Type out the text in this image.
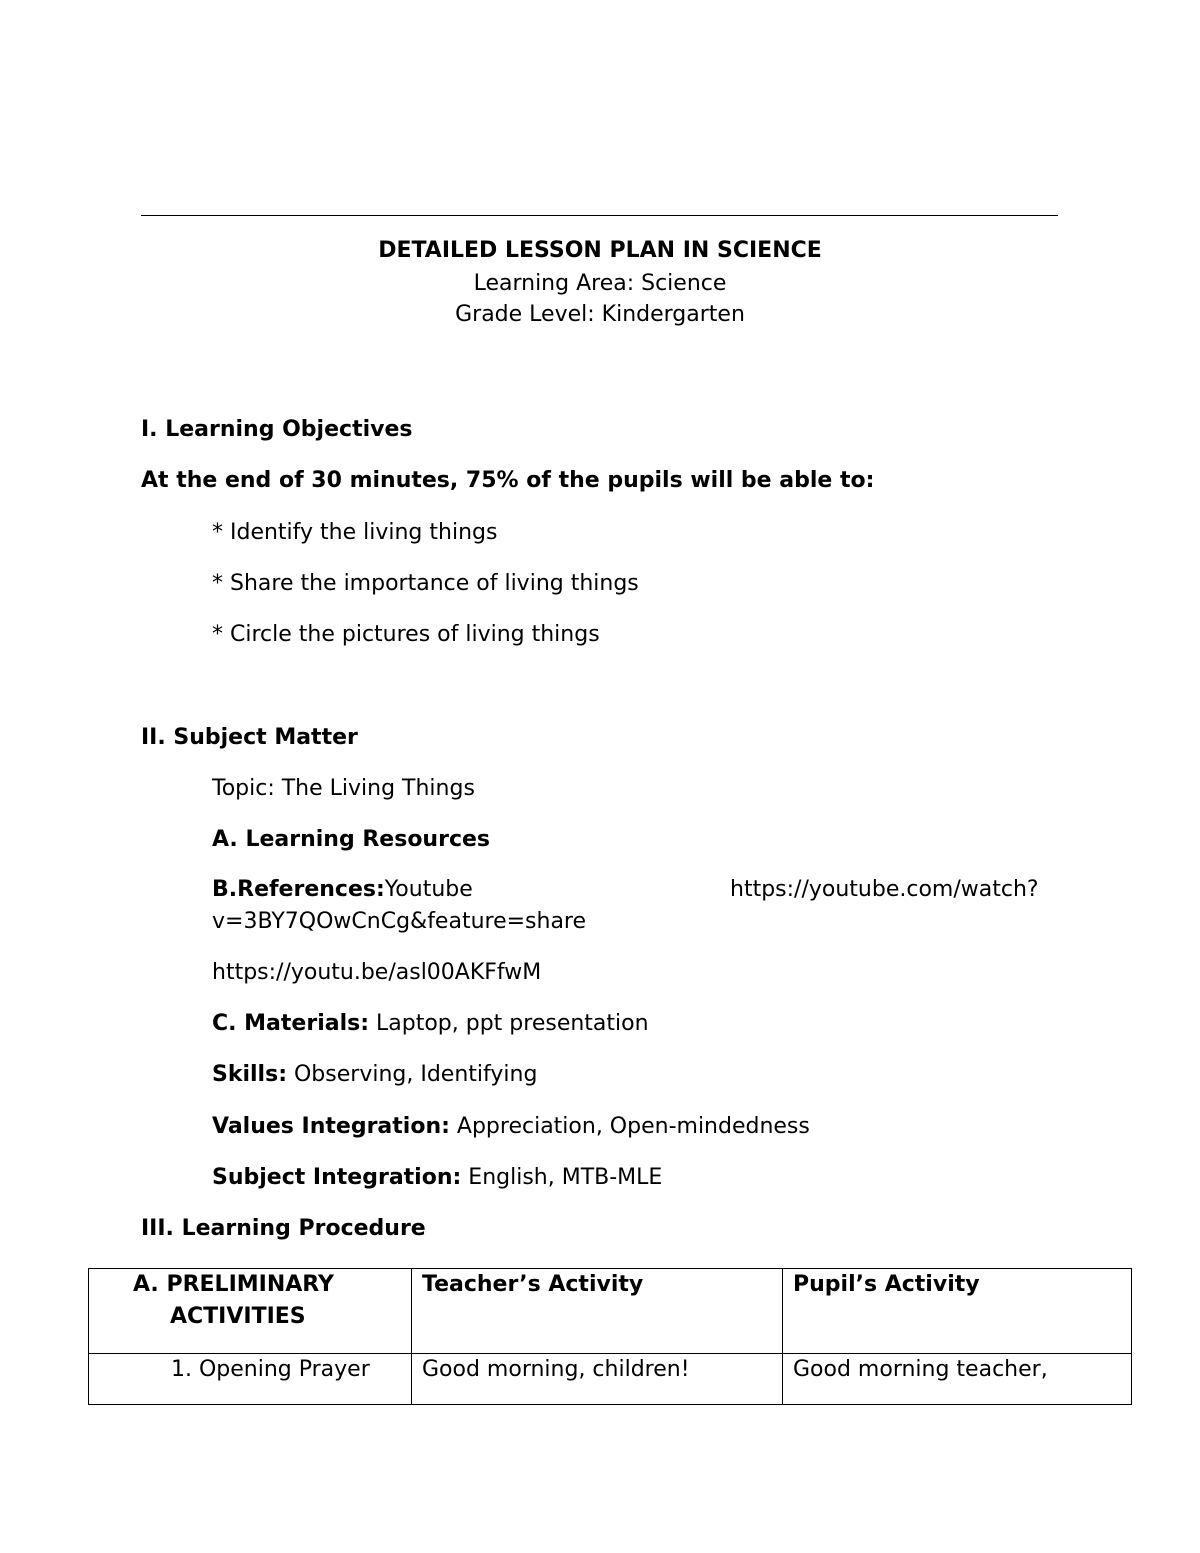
DETAILED LESSON PLAN IN SCIENCE
Learning Area: Science
Grade Level: Kindergarten
I. Learning Objectives
At the end of 30 minutes, 75% of the pupils will be able to:
* Identify the living things
* Share the importance of living things
* Circle the pictures of living things
II. Subject Matter
Topic: The Living Things
A. Learning Resources
B.References:Youtube	https://youtube.com/watch?
v=3BY7QOwCnCg&feature=share
https://youtu.be/asl00AKFfwM
C. Materials: Laptop, ppt presentation
Skills: Observing, Identifying
Values Integration: Appreciation, Open-mindedness
Subject Integration: English, MTB-MLE
III. Learning Procedure
A. PRELIMINARY
ACTIVITIES	Teacher’s Activity	Pupil’s Activity

1. Opening Prayer	Good morning, children!	Good morning teacher,
